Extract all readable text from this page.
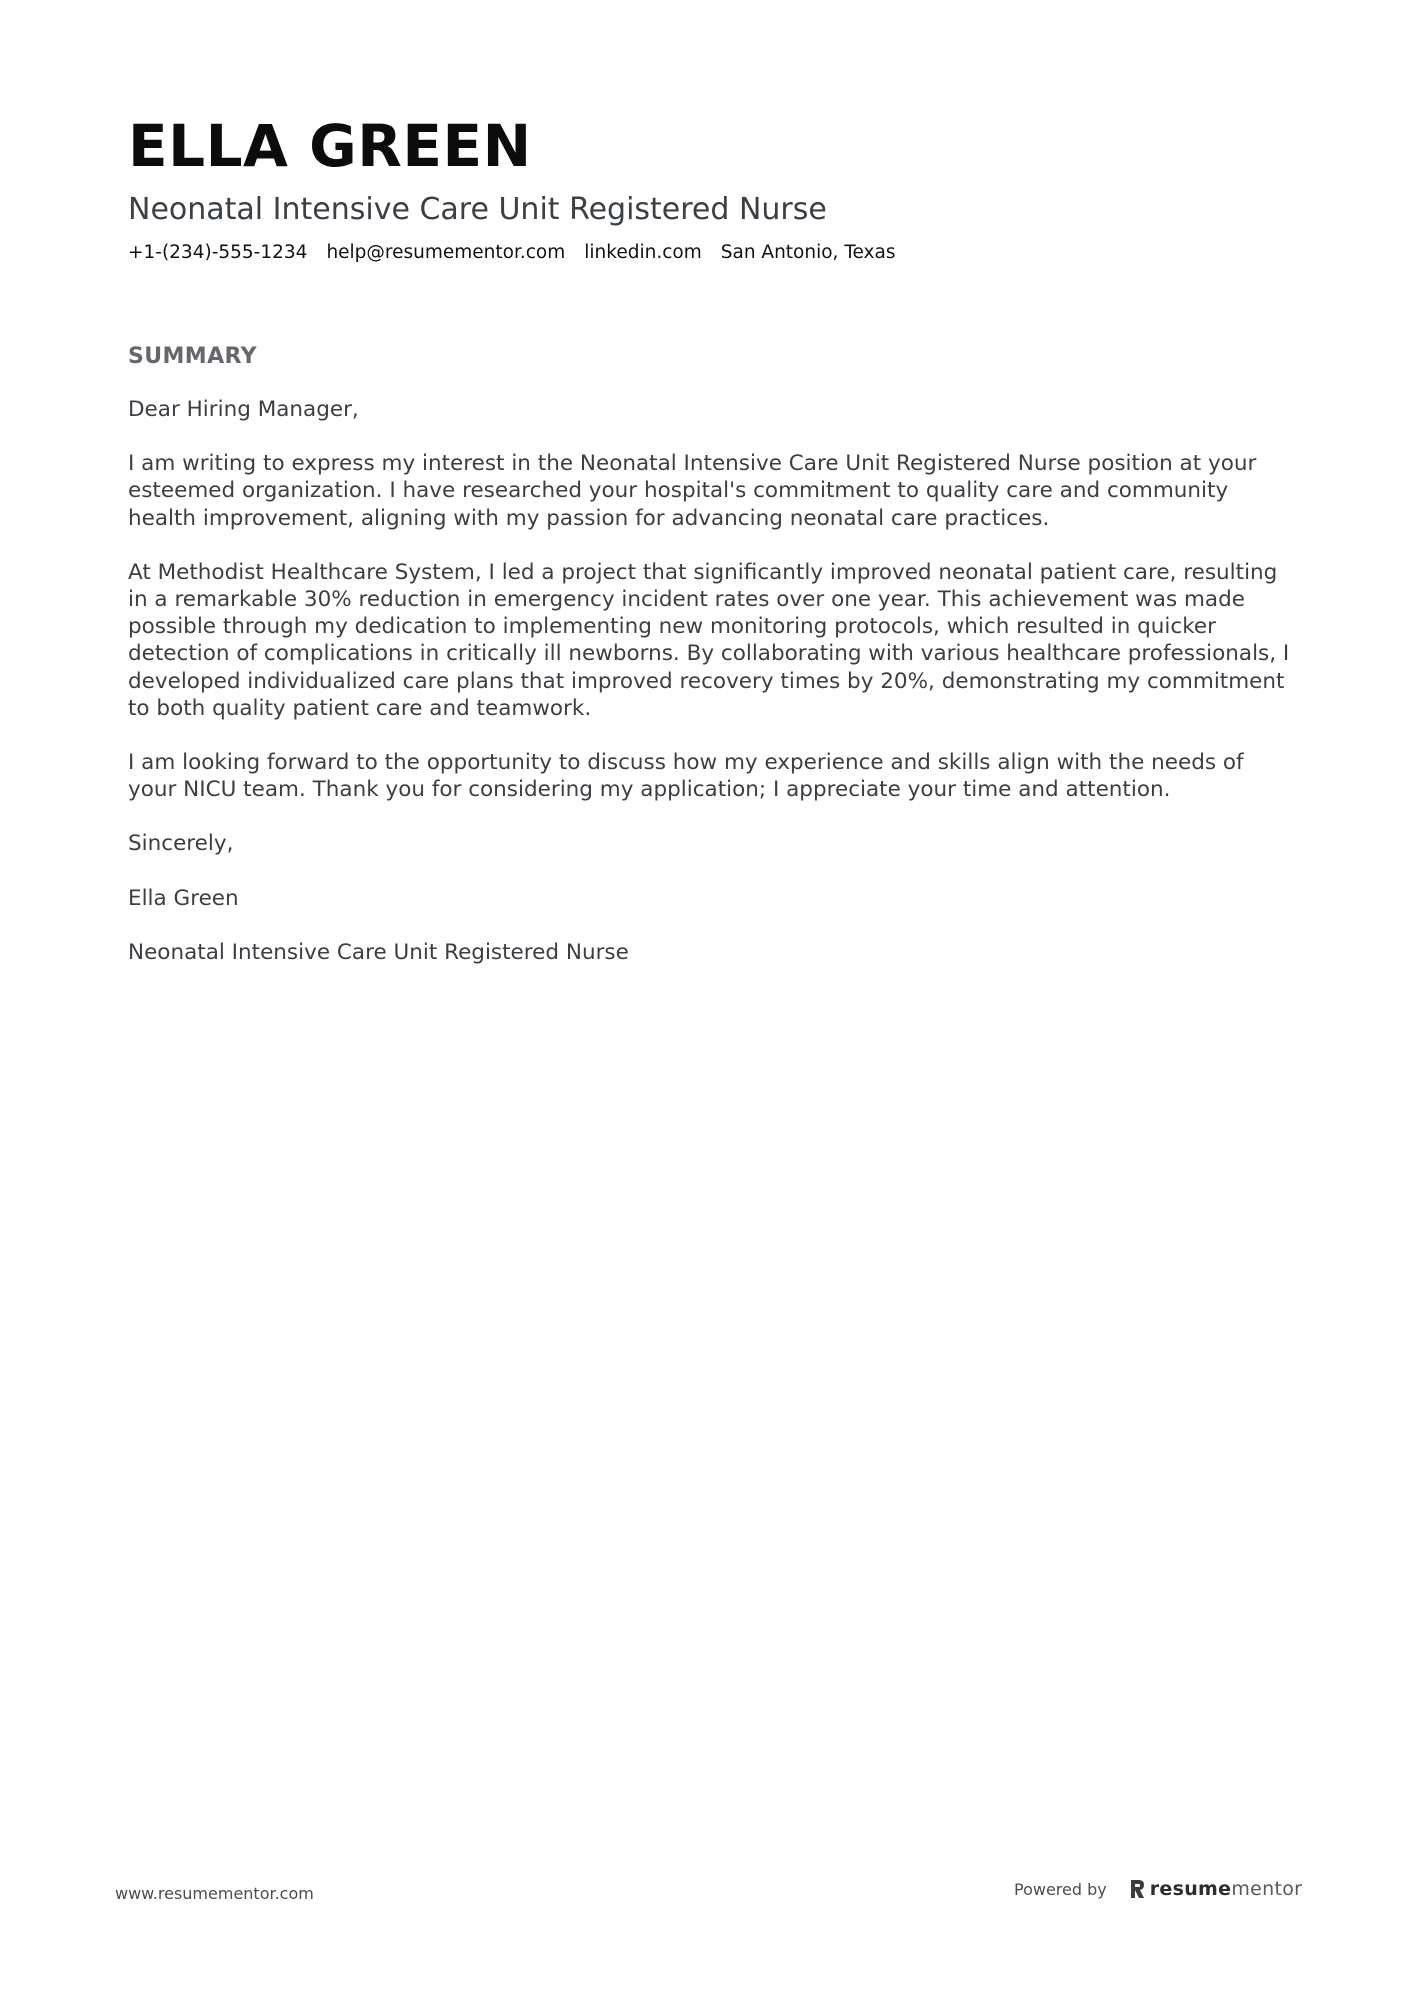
ELLA GREEN
Neonatal Intensive Care Unit Registered Nurse
+1-(234)-555-1234 help@resumementor.com linkedin.com San Antonio, Texas
SUMMARY

Dear Hiring Manager,

I am writing to express my interest in the Neonatal Intensive Care Unit Registered Nurse position at your esteemed organization. I have researched your hospital's commitment to quality care and community health improvement, aligning with my passion for advancing neonatal care practices.

At Methodist Healthcare System, I led a project that significantly improved neonatal patient care, resulting in a remarkable 30% reduction in emergency incident rates over one year. This achievement was made possible through my dedication to implementing new monitoring protocols, which resulted in quicker detection of complications in critically ill newborns. By collaborating with various healthcare professionals, I developed individualized care plans that improved recovery times by 20%, demonstrating my commitment to both quality patient care and teamwork.

I am looking forward to the opportunity to discuss how my experience and skills align with the needs of your NICU team. Thank you for considering my application; I appreciate your time and attention.

Sincerely,

Ella Green

Neonatal Intensive Care Unit Registered Nurse

www.resumementor.com	Powered by resumementor
